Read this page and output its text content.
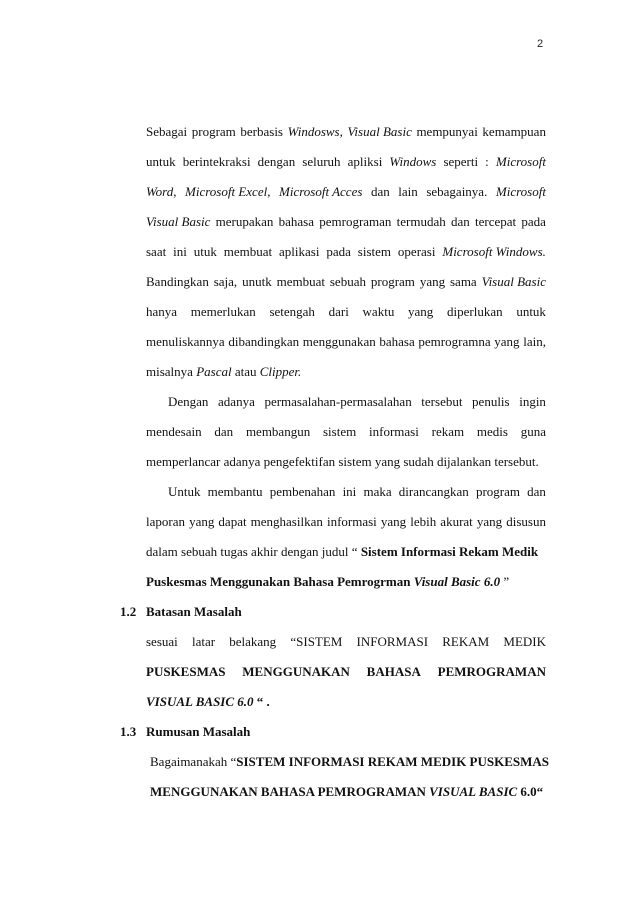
2
Sebagai program berbasis Windosws, Visual Basic mempunyai kemampuan
untuk berintekraksi dengan seluruh apliksi Windows seperti : Microsoft
Word, Microsoft Excel, Microsoft Acces dan lain sebagainya. Microsoft
Visual Basic merupakan bahasa pemrograman termudah dan tercepat pada
saat ini utuk membuat aplikasi pada sistem operasi Microsoft Windows.
Bandingkan saja, unutk membuat sebuah program yang sama Visual Basic
hanya memerlukan setengah dari waktu yang diperlukan untuk
menuliskannya dibandingkan menggunakan bahasa pemrogramna yang lain,
misalnya Pascal atau Clipper.
Dengan adanya permasalahan-permasalahan tersebut penulis ingin
mendesain dan membangun sistem informasi rekam medis guna
memperlancar adanya pengefektifan sistem yang sudah dijalankan tersebut.
Untuk membantu pembenahan ini maka dirancangkan program dan
laporan yang dapat menghasilkan informasi yang lebih akurat yang disusun
dalam sebuah tugas akhir dengan judul “ Sistem Informasi Rekam Medik
Puskesmas Menggunakan Bahasa Pemrogrman Visual Basic 6.0 ”
1.2 Batasan Masalah
sesuai latar belakang “SISTEM INFORMASI REKAM MEDIK
PUSKESMAS MENGGUNAKAN BAHASA PEMROGRAMAN
VISUAL BASIC 6.0 “ .
1.3 Rumusan Masalah
Bagaimanakah “SISTEM INFORMASI REKAM MEDIK PUSKESMAS
MENGGUNAKAN BAHASA PEMROGRAMAN VISUAL BASIC 6.0“
